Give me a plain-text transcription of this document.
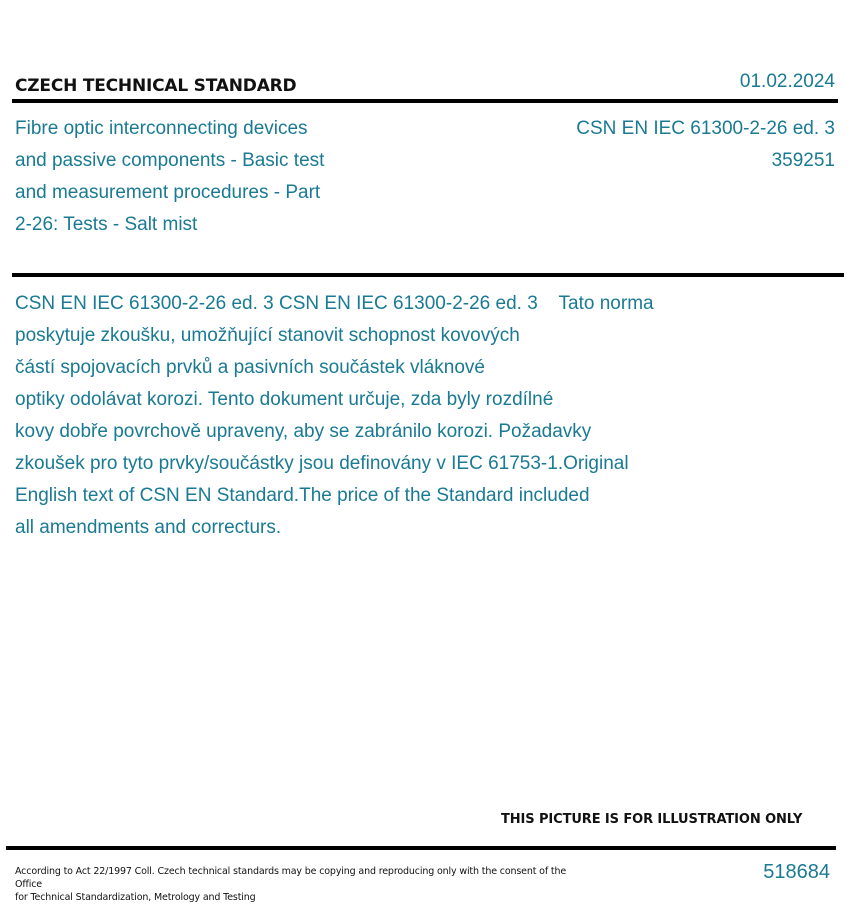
CZECH TECHNICAL STANDARD	01.02.2024
Fibre optic interconnecting devices
and passive components - Basic test
and measurement procedures - Part
2-26: Tests - Salt mist
CSN EN IEC 61300-2-26 ed. 3
359251
CSN EN IEC 61300-2-26 ed. 3 CSN EN IEC 61300-2-26 ed. 3    Tato norma
poskytuje zkoušku, umožňující stanovit schopnost kovových
částí spojovacích prvků a pasivních součástek vláknové
optiky odolávat korozi. Tento dokument určuje, zda byly rozdílné
kovy dobře povrchově upraveny, aby se zabránilo korozi. Požadavky
zkoušek pro tyto prvky/součástky jsou definovány v IEC 61753-1.Original
English text of CSN EN Standard.The price of the Standard included
all amendments and correcturs.
THIS PICTURE IS FOR ILLUSTRATION ONLY
According to Act 22/1997 Coll. Czech technical standards may be copying and reproducing only with the consent of the Office
for Technical Standardization, Metrology and Testing
518684
